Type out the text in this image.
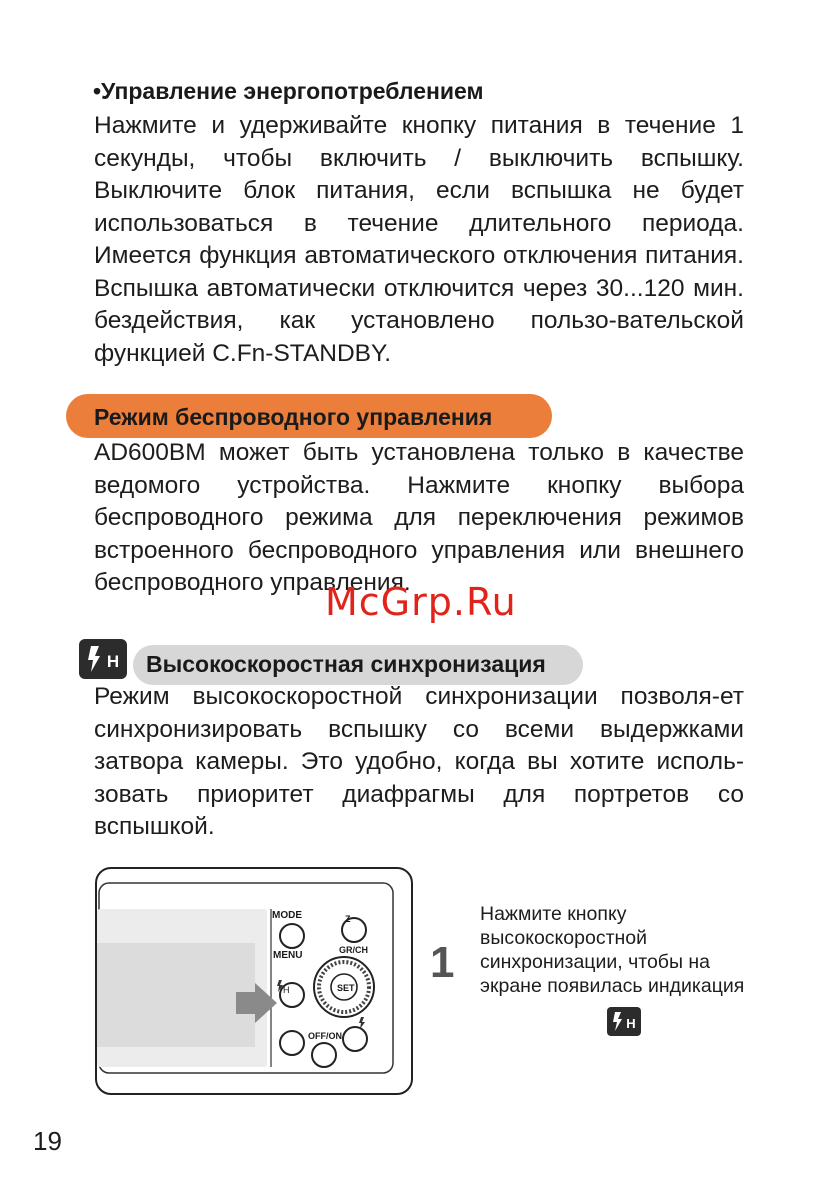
•Управление энергопотреблением
Нажмите и удерживайте кнопку питания в течение 1 секунды, чтобы включить / выключить вспышку. Выключите блок питания, если вспышка не будет использоваться в течение длительного периода. Имеется функция автоматического отключения питания. Вспышка автоматически отключится через 30...120 мин. бездействия, как установлено пользо-вательской функцией C.Fn-STANDBY.
Режим беспроводного управления
AD600BM может быть установлена только в качестве ведомого устройства. Нажмите кнопку выбора беспроводного режима для переключения режимов встроенного беспроводного управления или внешнего беспроводного управления.
McGrp.Ru
H Высокоскоростная синхронизация
Режим высокоскоростной синхронизации позволя-ет синхронизировать вспышку со всеми выдержками затвора камеры. Это удобно, когда вы хотите исполь-зовать приоритет диафрагмы для портретов со вспышкой.
MODE	Z
GR/CH
MENU
H	SET
OFF/ON
1
Нажмите кнопку высокоскоростной синхронизации, чтобы на экране появилась индикация
H
19
